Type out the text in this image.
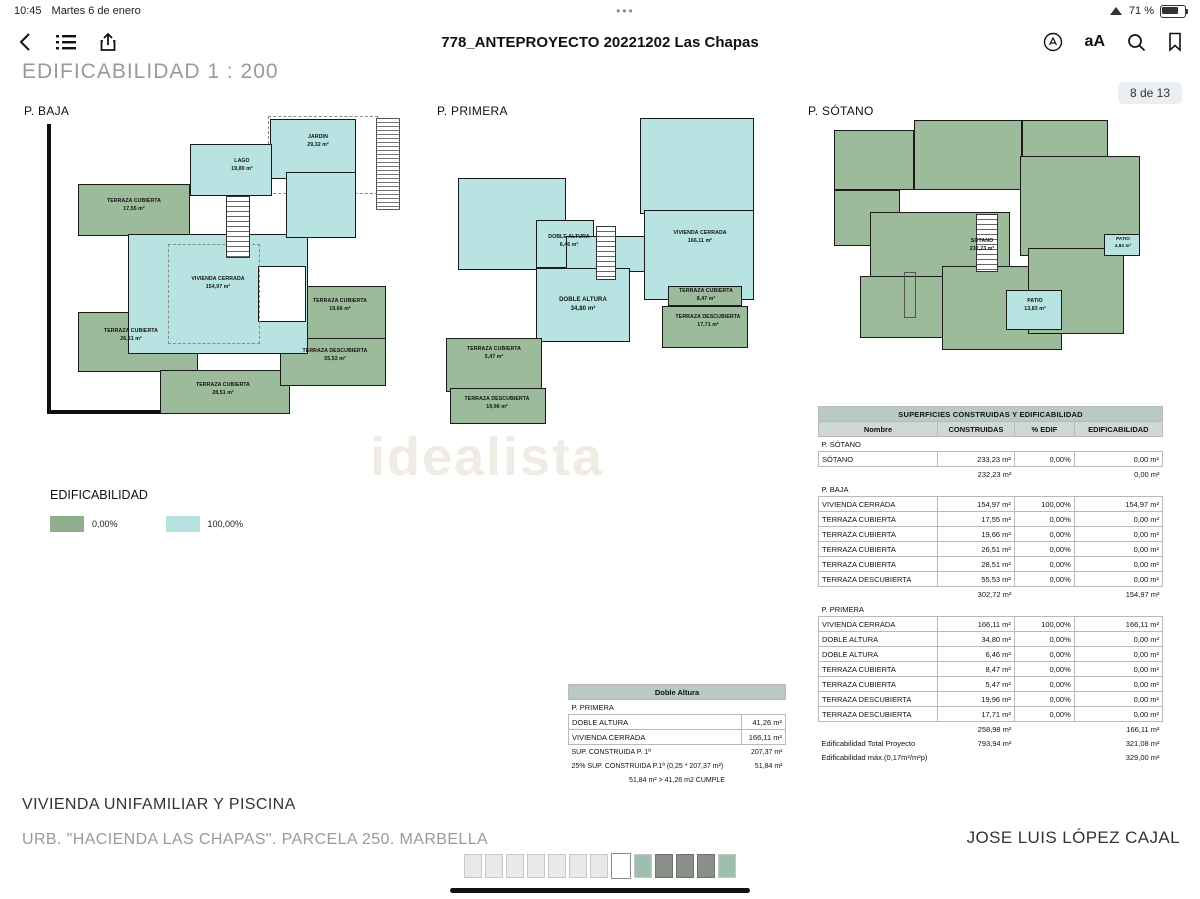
10:45 Martes 6 de enero	•••	71 %
778_ANTEPROYECTO 20221202 Las Chapas	aA
EDIFICABILIDAD 1 : 200
8 de 13
P. BAJA	P. PRIMERA	P. SÓTANO
LAGO
19,80 m²
JARDIN
29,32 m²
TERRAZA CUBIERTA
17,55 m²
VIVIENDA CERRADA
154,97 m²
TERRAZA CUBIERTA
19,66 m²
TERRAZA DESCUBIERTA
55,53 m²
TERRAZA CUBIERTA
26,51 m²
TERRAZA CUBIERTA
28,51 m²
DOBLE ALTURA
6,46 m²
VIVIENDA CERRADA
166,11 m²
TERRAZA CUBIERTA
8,47 m²
TERRAZA DESCUBIERTA
17,71 m²
DOBLE ALTURA
34,80 m²
TERRAZA CUBIERTA
5,47 m²
TERRAZA DESCUBIERTA
19,96 m²
SÓTANO
232,23 m²
PATIO
13,83 m²
PATIO
4,84 m²
EDIFICABILIDAD
0,00%	100,00%
idealista
Doble Altura	
P. PRIMERA	
DOBLE ALTURA	41,26 m²
VIVIENDA CERRADA	166,11 m²
SUP. CONSTRUIDA P. 1ª	207,37 m²
25% SUP. CONSTRUIDA P.1ª (0,25 * 207,37 m²)	51,84 m²
51,84 m² > 41,26 m2 CUMPLE	
SUPERFICIES CONSTRUIDAS Y EDIFICABILIDAD			
Nombre	CONSTRUIDAS	% EDIF	EDIFICABILIDAD
P. SÓTANO			
SÓTANO	233,23 m²	0,00%	0,00 m²
	232,23 m²		0,00 m²
P. BAJA			
VIVIENDA CERRADA	154,97 m²	100,00%	154,97 m²
TERRAZA CUBIERTA	17,55 m²	0,00%	0,00 m²
TERRAZA CUBIERTA	19,66 m²	0,00%	0,00 m²
TERRAZA CUBIERTA	26,51 m²	0,00%	0,00 m²
TERRAZA CUBIERTA	28,51 m²	0,00%	0,00 m²
TERRAZA DESCUBIERTA	55,53 m²	0,00%	0,00 m²
	302,72 m²		154,97 m²
P. PRIMERA			
VIVIENDA CERRADA	166,11 m²	100,00%	166,11 m²
DOBLE ALTURA	34,80 m²	0,00%	0,00 m²
DOBLE ALTURA	6,46 m²	0,00%	0,00 m²
TERRAZA CUBIERTA	8,47 m²	0,00%	0,00 m²
TERRAZA CUBIERTA	5,47 m²	0,00%	0,00 m²
TERRAZA DESCUBIERTA	19,96 m²	0,00%	0,00 m²
TERRAZA DESCUBIERTA	17,71 m²	0,00%	0,00 m²
	258,98 m²		166,11 m²
Edificabilidad Total Proyecto	793,94 m²		321,08 m²
Edificabilidad máx.(0,17m²/m²p)			329,00 m²
VIVIENDA UNIFAMILIAR Y PISCINA
URB. "HACIENDA LAS CHAPAS". PARCELA 250. MARBELLA	JOSE LUIS LÓPEZ CAJAL
